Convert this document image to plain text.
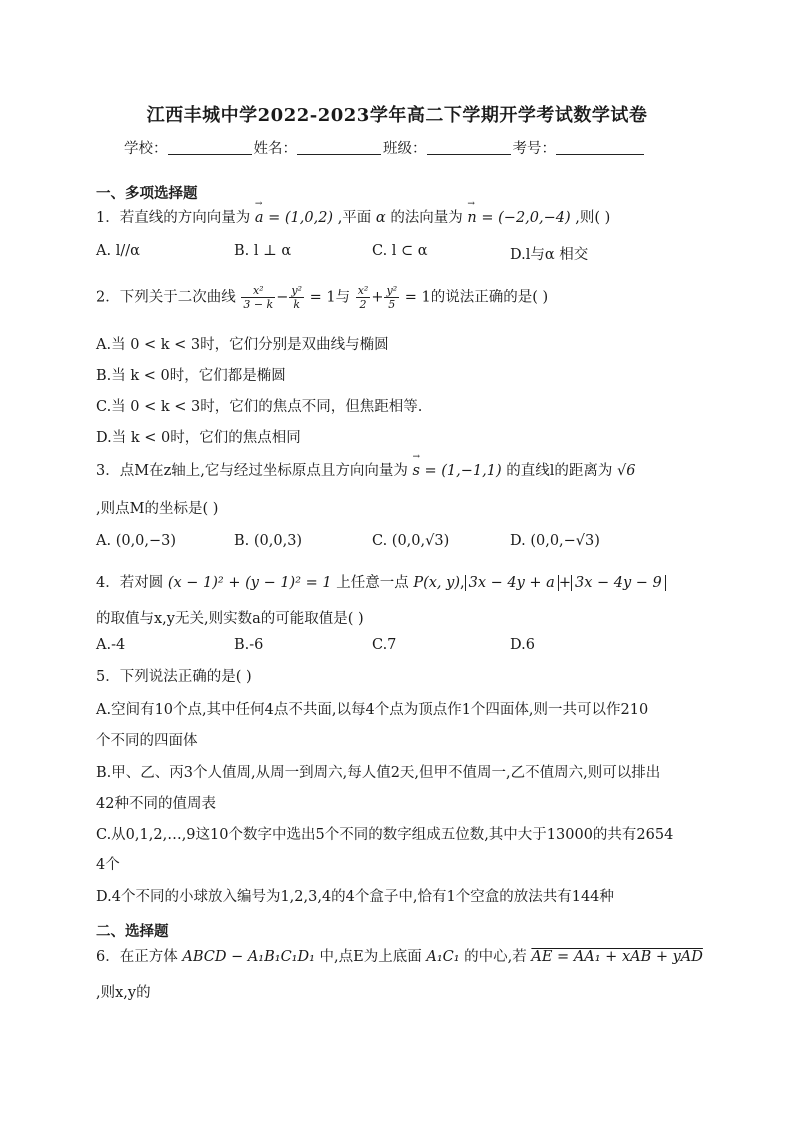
江西丰城中学2022-2023学年高二下学期开学考试数学试卷
学校：	姓名：	班级：	考号：
一、多项选择题
1．若直线的方向向量为 → a = (1,0,2) ,平面 α 的法向量为 → n = (−2,0,−4) ,则( )
A. l//α	B. l ⊥ α	C. l ⊂ α	D.l与α 相交
2．下列关于二次曲线 $\frac{\text{x²}}{3 - k} - \frac{\text{y²}}{k} = 1$与 $\frac{\text{x²}}{2} + \frac{\text{y²}}{5} = 1$的说法正确的是( )
A.当 0 < k < 3时，它们分别是双曲线与椭圆
B.当 k < 0时，它们都是椭圆
C.当 0 < k < 3时，它们的焦点不同，但焦距相等.
D.当 k < 0时，它们的焦点相同
3．点M在z轴上,它与经过坐标原点且方向向量为 → s = (1,−1,1) 的直线l的距离为 √6
,则点M的坐标是( )
A. (0,0,−3)	B. (0,0,3)	C. (0,0,√3)	D. (0,0,−√3)
4．若对圆 (x − 1)² + (y − 1)² = 1 上任意一点 P(x, y), 3x − 4y + a + 3x − 4y − 9
的取值与x,y无关,则实数a的可能取值是( )
A.-4	B.-6	C.7	D.6
5．下列说法正确的是( )
A.空间有10个点,其中任何4点不共面,以每4个点为顶点作1个四面体,则一共可以作210
个不同的四面体
B.甲、乙、丙3个人值周,从周一到周六,每人值2天,但甲不值周一,乙不值周六,则可以排出
42种不同的值周表
C.从0,1,2,…,9这10个数字中选出5个不同的数字组成五位数,其中大于13000的共有2654
4个
D.4个不同的小球放入编号为1,2,3,4的4个盒子中,恰有1个空盒的放法共有144种
二、选择题
6．在正方体 ABCD − A₁B₁C₁D₁ 中,点E为上底面 A₁C₁ 的中心,若 AE = AA₁ + xAB + yAD
,则x,y的
